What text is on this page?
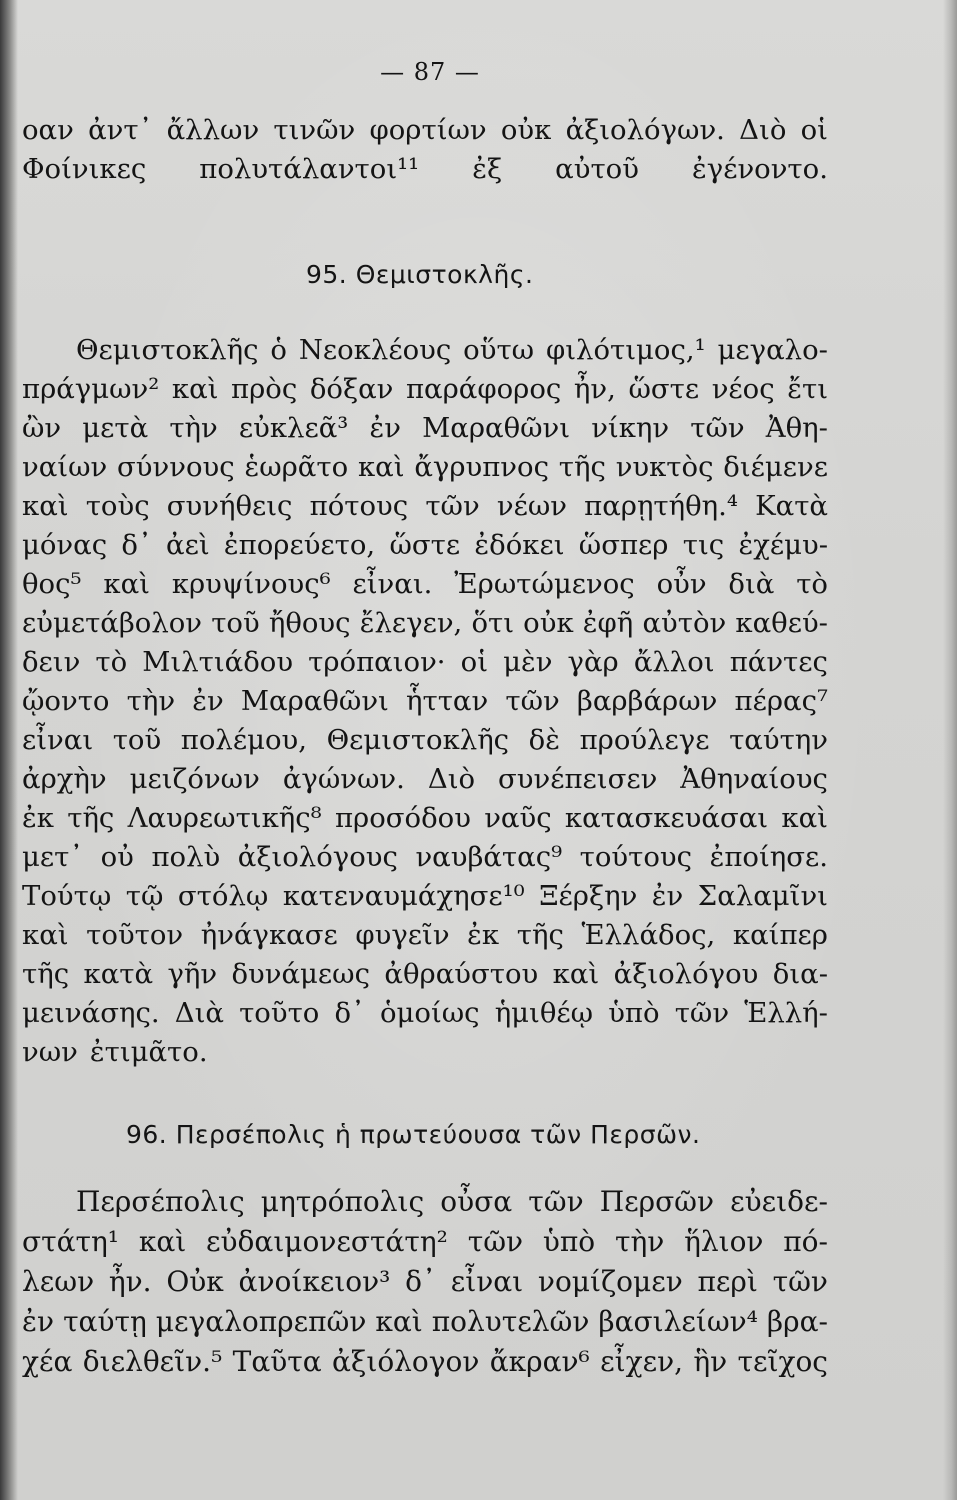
— 87 —
οαν ἀντ᾽ ἄλλων τινῶν φορτίων οὐκ ἀξιολόγων. Διὸ οἱ
Φοίνικες πολυτάλαντοι¹¹ ἐξ αὐτοῦ ἐγένοντο.
95. Θεμιστοκλῆς.
Θεμιστοκλῆς ὁ Νεοκλέους οὕτω φιλότιμος,¹ μεγαλο-
πράγμων² καὶ πρὸς δόξαν παράφορος ἦν, ὥστε νέος ἔτι
ὢν μετὰ τὴν εὐκλεᾶ³ ἐν Μαραθῶνι νίκην τῶν Ἀθη-
ναίων σύννους ἑωρᾶτο καὶ ἄγρυπνος τῆς νυκτὸς διέμενε
καὶ τοὺς συνήθεις πότους τῶν νέων παρῃτήθη.⁴ Κατὰ
μόνας δ᾽ ἀεὶ ἐπορεύετο, ὥστε ἐδόκει ὥσπερ τις ἐχέμυ-
θος⁵ καὶ κρυψίνους⁶ εἶναι. Ἐρωτώμενος οὖν διὰ τὸ
εὐμετάβολον τοῦ ἤθους ἔλεγεν, ὅτι οὐκ ἐφῆ αὐτὸν καθεύ-
δειν τὸ Μιλτιάδου τρόπαιον· οἱ μὲν γὰρ ἄλλοι πάντες
ᾤοντο τὴν ἐν Μαραθῶνι ἧτταν τῶν βαρβάρων πέρας⁷
εἶναι τοῦ πολέμου, Θεμιστοκλῆς δὲ προύλεγε ταύτην
ἀρχὴν μειζόνων ἀγώνων. Διὸ συνέπεισεν Ἀθηναίους
ἐκ τῆς Λαυρεωτικῆς⁸ προσόδου ναῦς κατασκευάσαι καὶ
μετ᾽ οὐ πολὺ ἀξιολόγους ναυβάτας⁹ τούτους ἐποίησε.
Τούτῳ τῷ στόλῳ κατεναυμάχησε¹⁰ Ξέρξην ἐν Σαλαμῖνι
καὶ τοῦτον ἠνάγκασε φυγεῖν ἐκ τῆς Ἑλλάδος, καίπερ
τῆς κατὰ γῆν δυνάμεως ἀθραύστου καὶ ἀξιολόγου δια-
μεινάσης. Διὰ τοῦτο δ᾽ ὁμοίως ἡμιθέῳ ὑπὸ τῶν Ἑλλή-
νων ἐτιμᾶτο.
96. Περσέπολις ἡ πρωτεύουσα τῶν Περσῶν.
Περσέπολις μητρόπολις οὖσα τῶν Περσῶν εὐειδε-
στάτη¹ καὶ εὐδαιμονεστάτη² τῶν ὑπὸ τὴν ἥλιον πό-
λεων ἦν. Οὐκ ἀνοίκειον³ δ᾽ εἶναι νομίζομεν περὶ τῶν
ἐν ταύτῃ μεγαλοπρεπῶν καὶ πολυτελῶν βασιλείων⁴ βρα-
χέα διελθεῖν.⁵ Ταῦτα ἀξιόλογον ἄκραν⁶ εἶχεν, ἣν τεῖχος
